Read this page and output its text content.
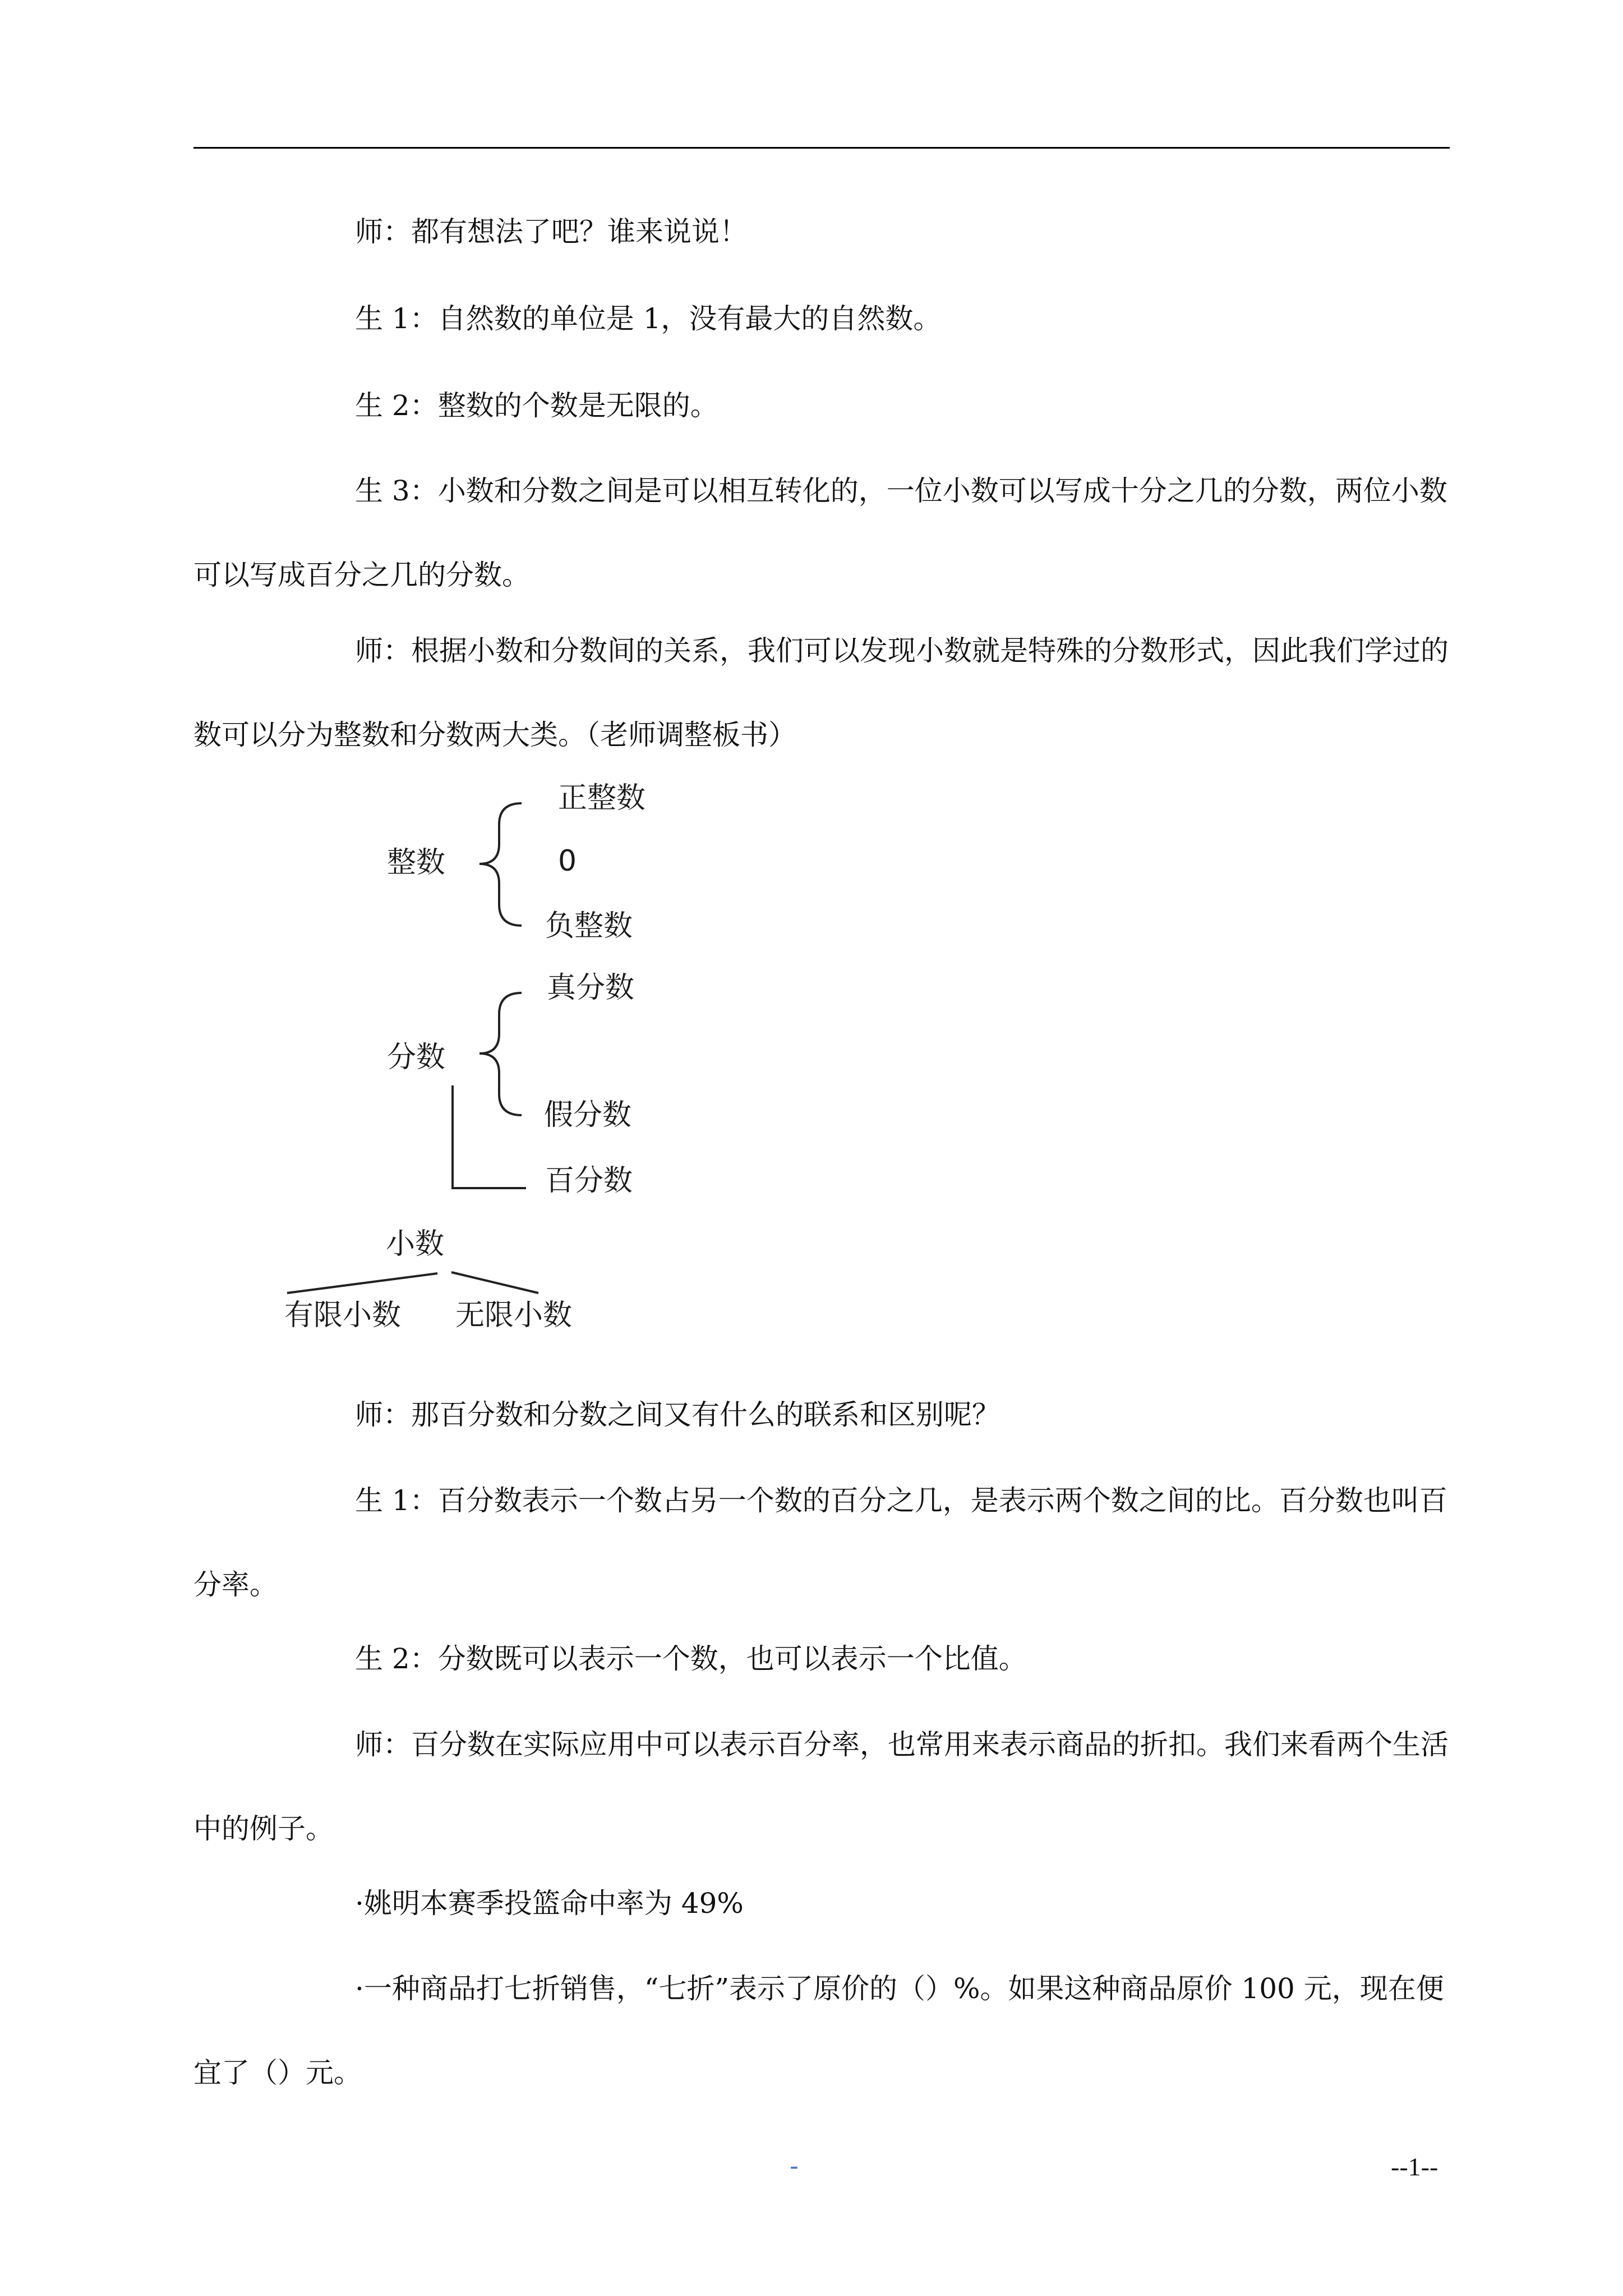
师：都有想法了吧？谁来说说！

生 1：自然数的单位是 1，没有最大的自然数。

生 2：整数的个数是无限的。

生 3：小数和分数之间是可以相互转化的，一位小数可以写成十分之几的分数，两位小数可以写成百分之几的分数。

师：根据小数和分数间的关系，我们可以发现小数就是特殊的分数形式，因此我们学过的数可以分为整数和分数两大类。（老师调整板书）

整数
正整数
0
负整数
分数
真分数
假分数
百分数
小数
有限小数 无限小数

师：那百分数和分数之间又有什么的联系和区别呢？

生 1：百分数表示一个数占另一个数的百分之几，是表示两个数之间的比。百分数也叫百分率。

生 2：分数既可以表示一个数，也可以表示一个比值。

师：百分数在实际应用中可以表示百分率，也常用来表示商品的折扣。我们来看两个生活中的例子。

·姚明本赛季投篮命中率为 49%

·一种商品打七折销售，“七折”表示了原价的（）%。如果这种商品原价 100 元，现在便宜了（）元。

-	--1--
